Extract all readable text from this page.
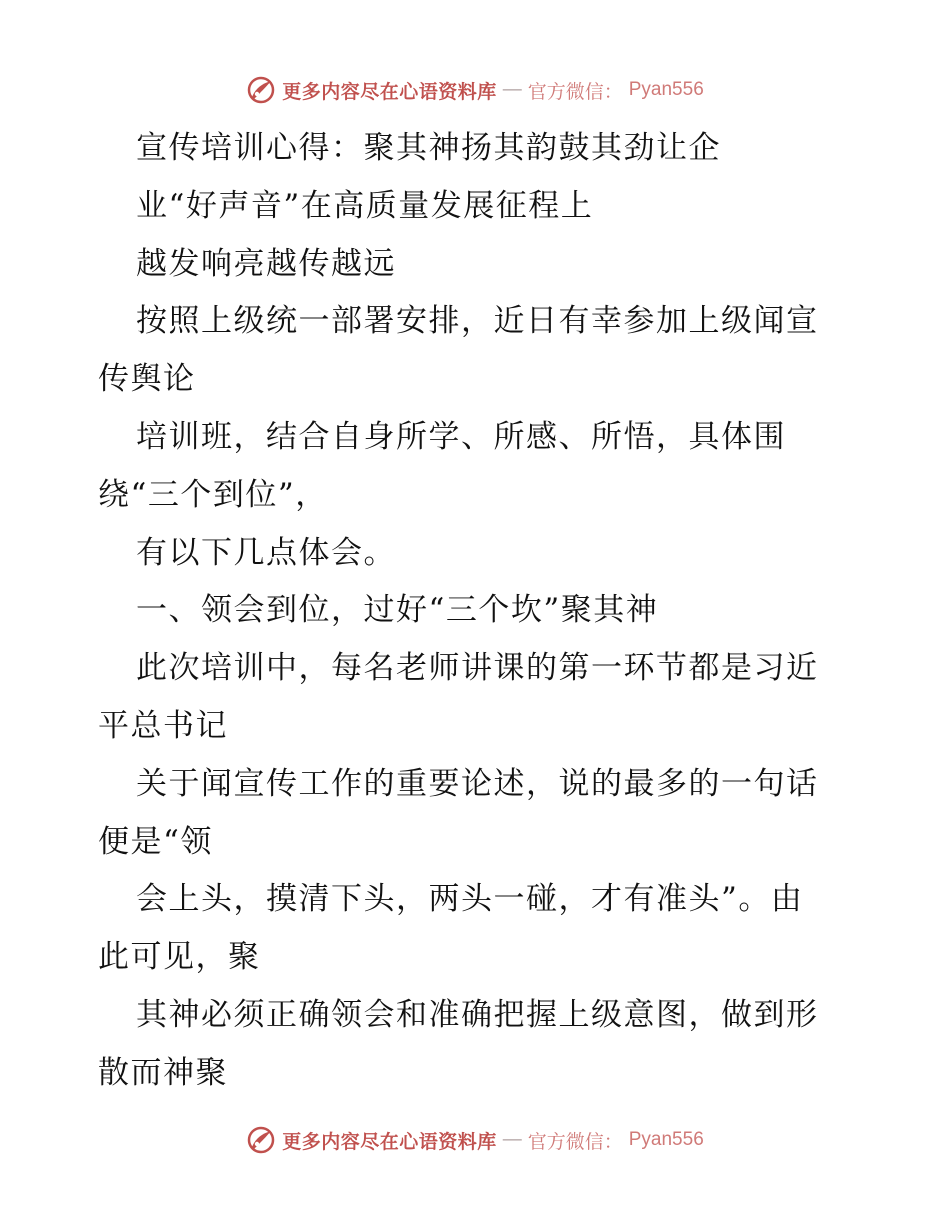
更多内容尽在心语资料库 — 官方微信： Pyan556
宣传培训心得：聚其神扬其韵鼓其劲让企
业“好声音”在高质量发展征程上
越发响亮越传越远
按照上级统一部署安排，近日有幸参加上级闻宣
传舆论
培训班，结合自身所学、所感、所悟，具体围
绕“三个到位”，
有以下几点体会。
一、领会到位，过好“三个坎”聚其神
此次培训中，每名老师讲课的第一环节都是习近
平总书记
关于闻宣传工作的重要论述，说的最多的一句话
便是“领
会上头，摸清下头，两头一碰，才有准头”。由
此可见，聚
其神必须正确领会和准确把握上级意图，做到形
散而神聚
更多内容尽在心语资料库 — 官方微信： Pyan556
